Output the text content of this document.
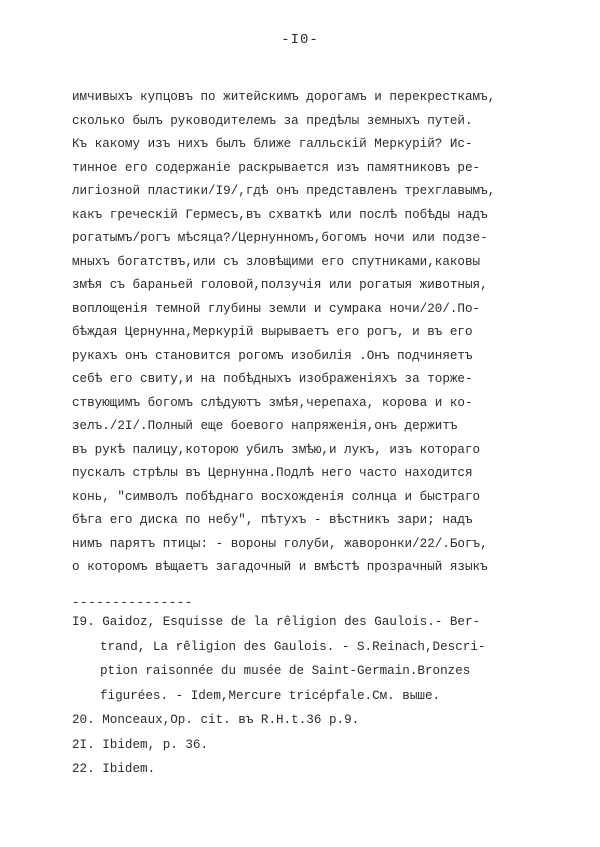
-I0-
имчивыхъ купцовъ по житейскимъ дорогамъ и перекресткамъ,
сколько былъ руководителемъ за предѣлы земныхъ путей.
Къ какому изъ нихъ былъ ближе галльскій Меркурій? Ис-
тинное его содержаніе раскрывается изъ памятниковъ ре-
лигіозной пластики/I9/,гдѣ онъ представленъ трехглавымъ,
какъ греческій Гермесъ,въ схваткѣ или послѣ побѣды надъ
рогатымъ/рогъ мѣсяца?/Цернунномъ,богомъ ночи или подзе-
мныхъ богатствъ,или съ зловѣщими его спутниками,каковы
змѣя съ бараньей головой,ползучія или рогатыя животныя,
воплощенія темной глубины земли и сумрака ночи/20/.По-
бѣждая Цернунна,Меркурій вырываетъ его рогъ, и въ его
рукахъ онъ становится рогомъ изобилія .Онъ подчиняетъ
себѣ его свиту,и на побѣдныхъ изображеніяхъ за торже-
ствующимъ богомъ слѣдуютъ змѣя,черепаха, корова и ко-
зелъ./2I/.Полный еще боевого напряженія,онъ держитъ
въ рукѣ палицу,которою убилъ змѣю,и лукъ, изъ котораго
пускалъ стрѣлы въ Цернунна.Подлѣ него часто находится
конь, "символъ побѣднаго восхожденія солнца и быстраго
бѣга его диска по небу", пѣтухъ - вѣстникъ зари; надъ
нимъ парятъ птицы: - вороны голуби, жаворонки/22/.Богъ,
о которомъ вѣщаетъ загадочный и вмѣстѣ прозрачный языкъ
---------------
I9. Gaidoz, Esquisse de la rêligion des Gaulois.- Ber-
trand, La rêligion des Gaulois. - S.Reinach,Descri-
ption raisonnée du musée de Saint-Germain.Bronzes
figurées. - Idem,Mercure tricépfale.См. выше.
20. Monceaux,Op. cit. въ R.H.t.36 p.9.
2I. Ibidem, p. 36.
22. Ibidem.
